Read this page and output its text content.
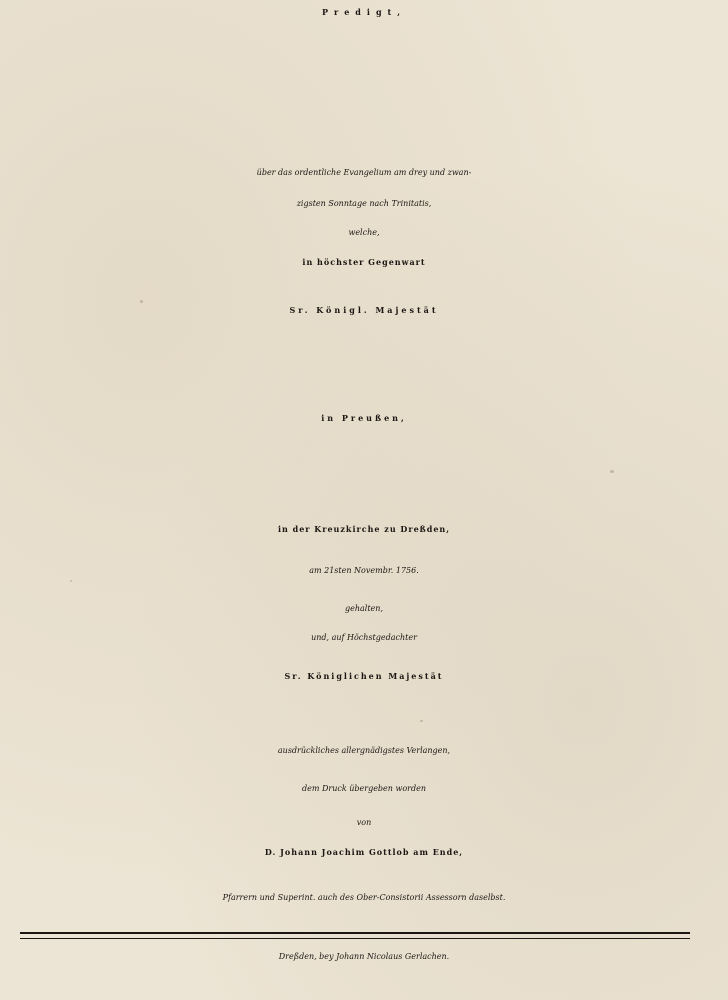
Predigt,
über das ordentliche Evangelium am drey und zwan-
zigsten Sonntage nach Trinitatis,
welche,
in höchster Gegenwart
Sr. Königl. Majestät
in Preußen,
in der Kreuzkirche zu Dreßden,
am 21sten Novembr. 1756.
gehalten,
und, auf Höchstgedachter
Sr. Königlichen Majestät
ausdrückliches allergnädigstes Verlangen,
dem Druck übergeben worden
von
D. Johann Joachim Gottlob am Ende,
Pfarrern und Superint. auch des Ober-Consistorii Assessorn daselbst.
Dreßden, bey Johann Nicolaus Gerlachen.
